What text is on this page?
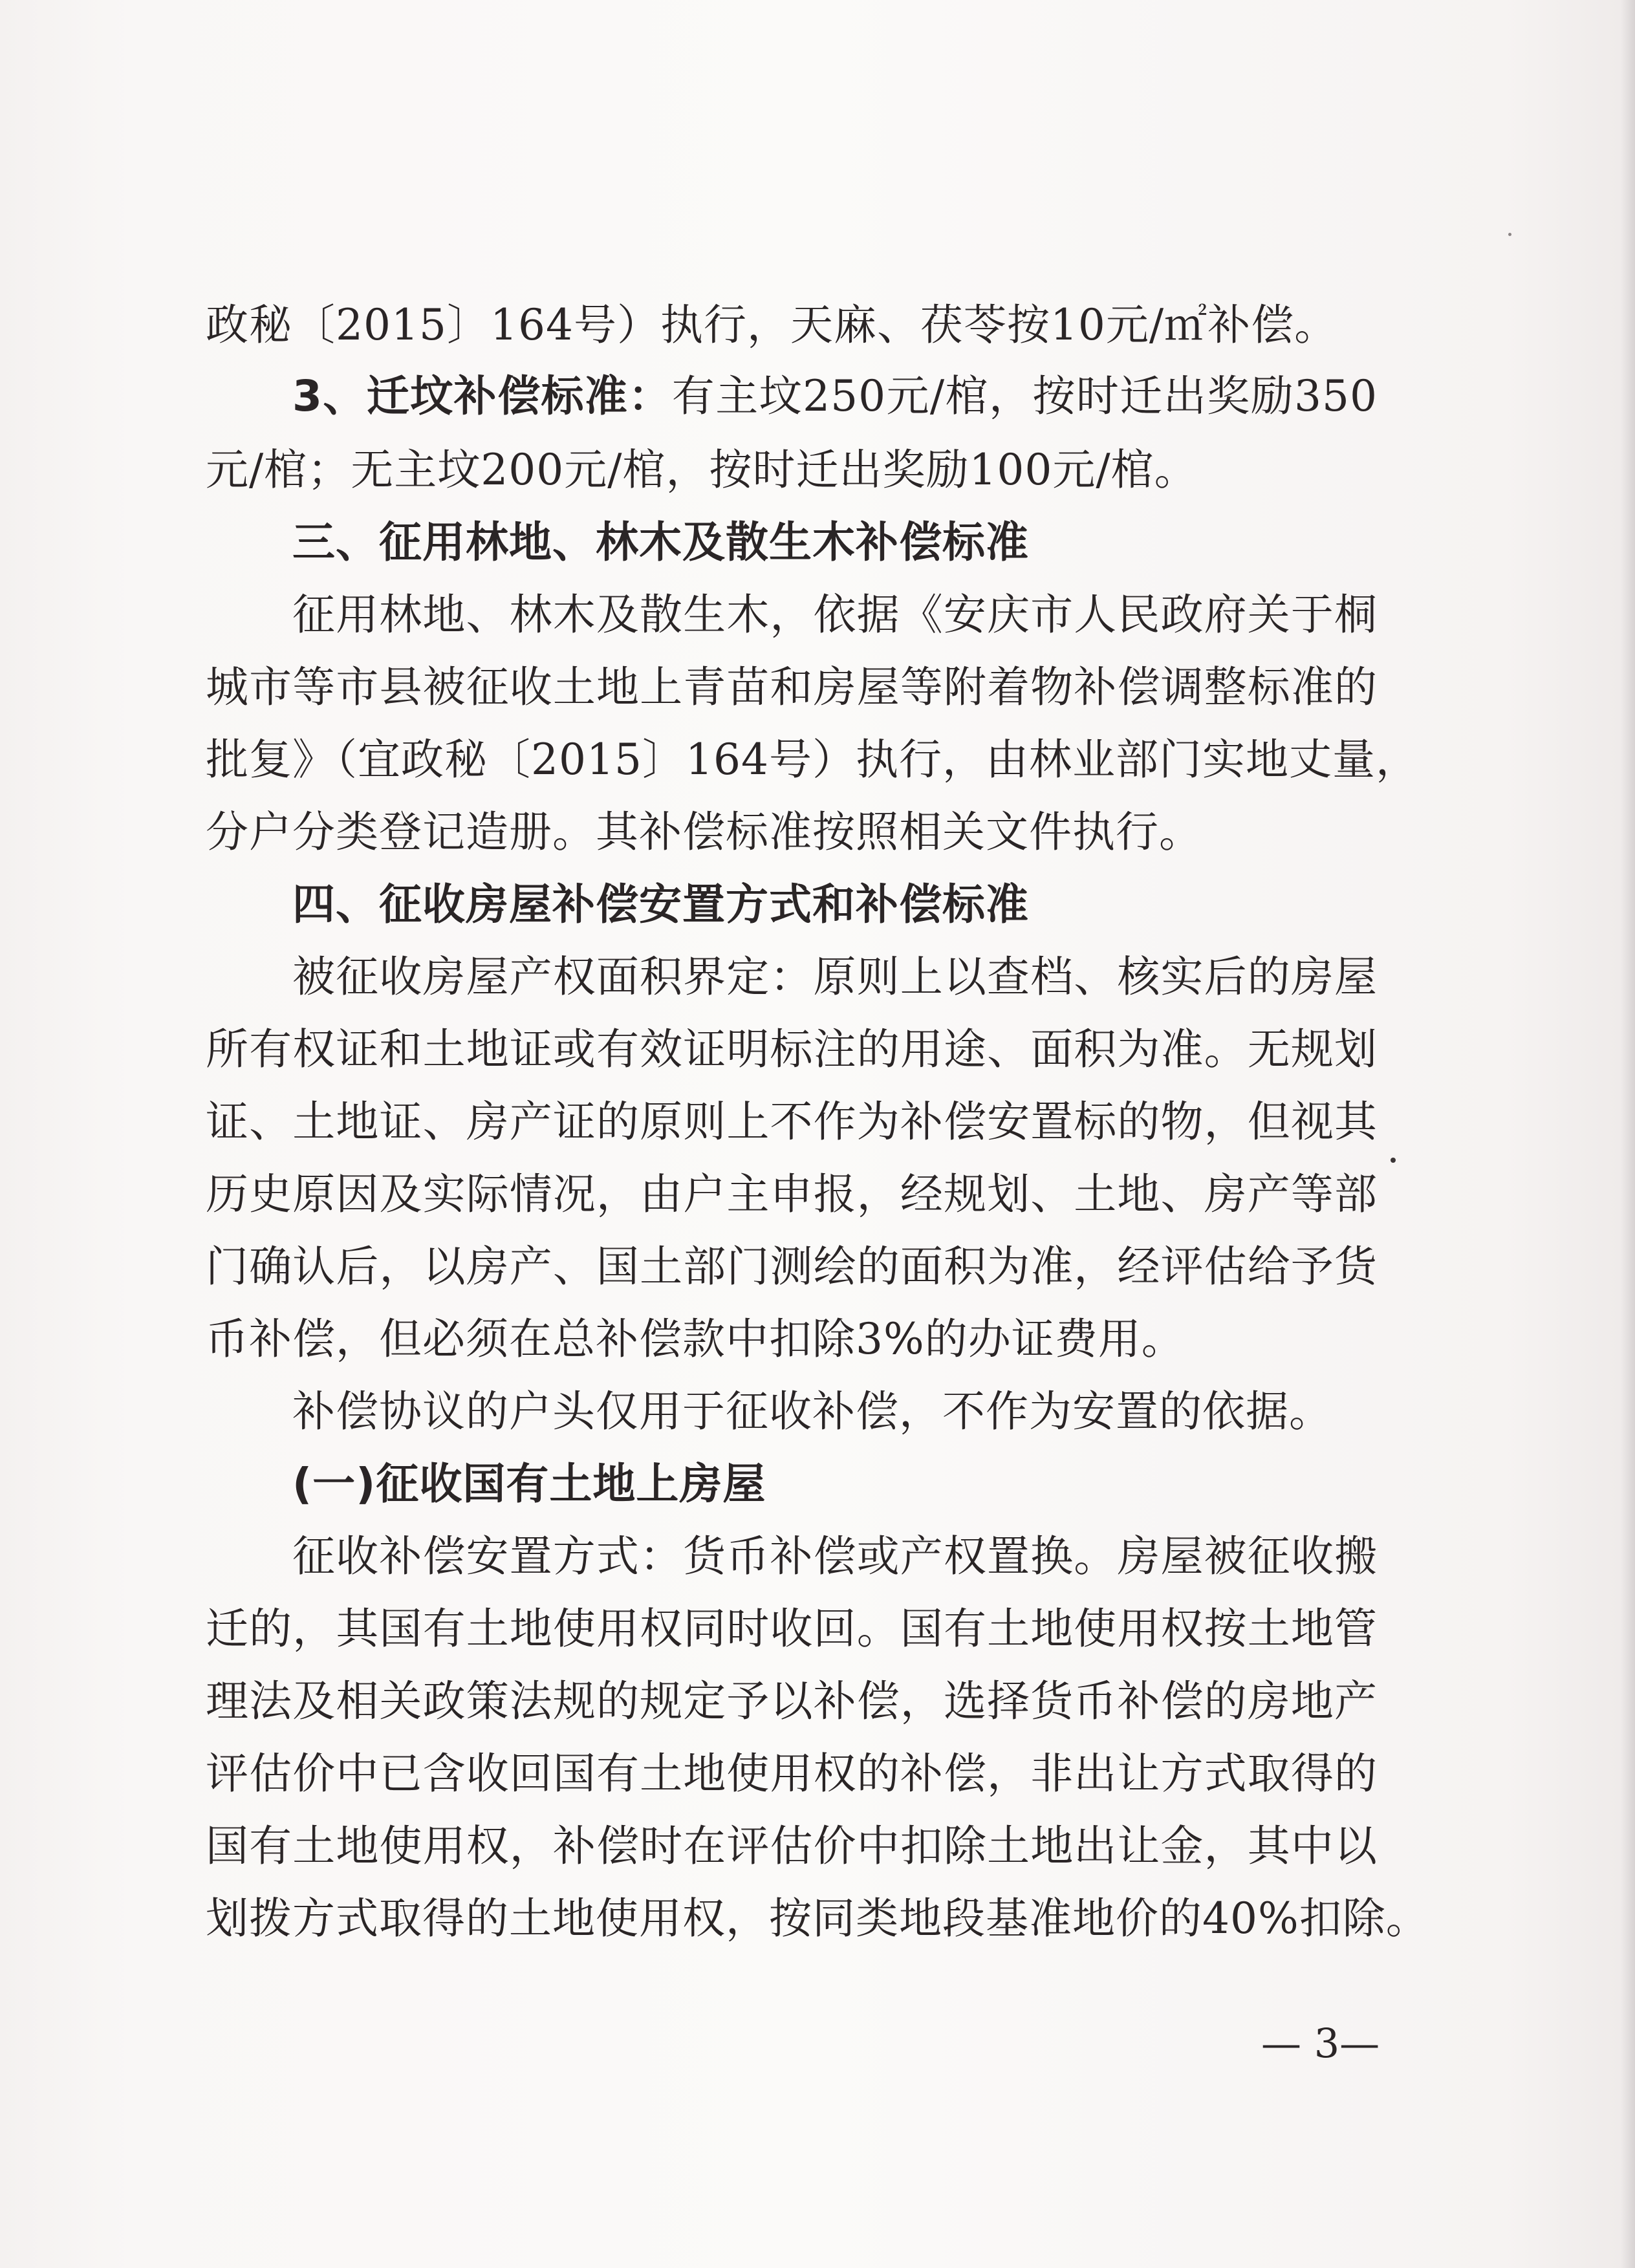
政秘〔2015〕164号）执行，天麻、茯苓按10元/㎡补偿。
3、迁坟补偿标准：有主坟250元/棺，按时迁出奖励350
元/棺；无主坟200元/棺，按时迁出奖励100元/棺。
三、征用林地、林木及散生木补偿标准
征用林地、林木及散生木，依据《安庆市人民政府关于桐
城市等市县被征收土地上青苗和房屋等附着物补偿调整标准的
批复》（宜政秘〔2015〕164号）执行，由林业部门实地丈量，
分户分类登记造册。其补偿标准按照相关文件执行。
四、征收房屋补偿安置方式和补偿标准
被征收房屋产权面积界定：原则上以查档、核实后的房屋
所有权证和土地证或有效证明标注的用途、面积为准。无规划
证、土地证、房产证的原则上不作为补偿安置标的物，但视其
历史原因及实际情况，由户主申报，经规划、土地、房产等部
门确认后，以房产、国土部门测绘的面积为准，经评估给予货
币补偿，但必须在总补偿款中扣除3%的办证费用。
补偿协议的户头仅用于征收补偿，不作为安置的依据。
(一)征收国有土地上房屋
征收补偿安置方式：货币补偿或产权置换。房屋被征收搬
迁的，其国有土地使用权同时收回。国有土地使用权按土地管
理法及相关政策法规的规定予以补偿，选择货币补偿的房地产
评估价中已含收回国有土地使用权的补偿，非出让方式取得的
国有土地使用权，补偿时在评估价中扣除土地出让金，其中以
划拨方式取得的土地使用权，按同类地段基准地价的40%扣除。
— 3—
